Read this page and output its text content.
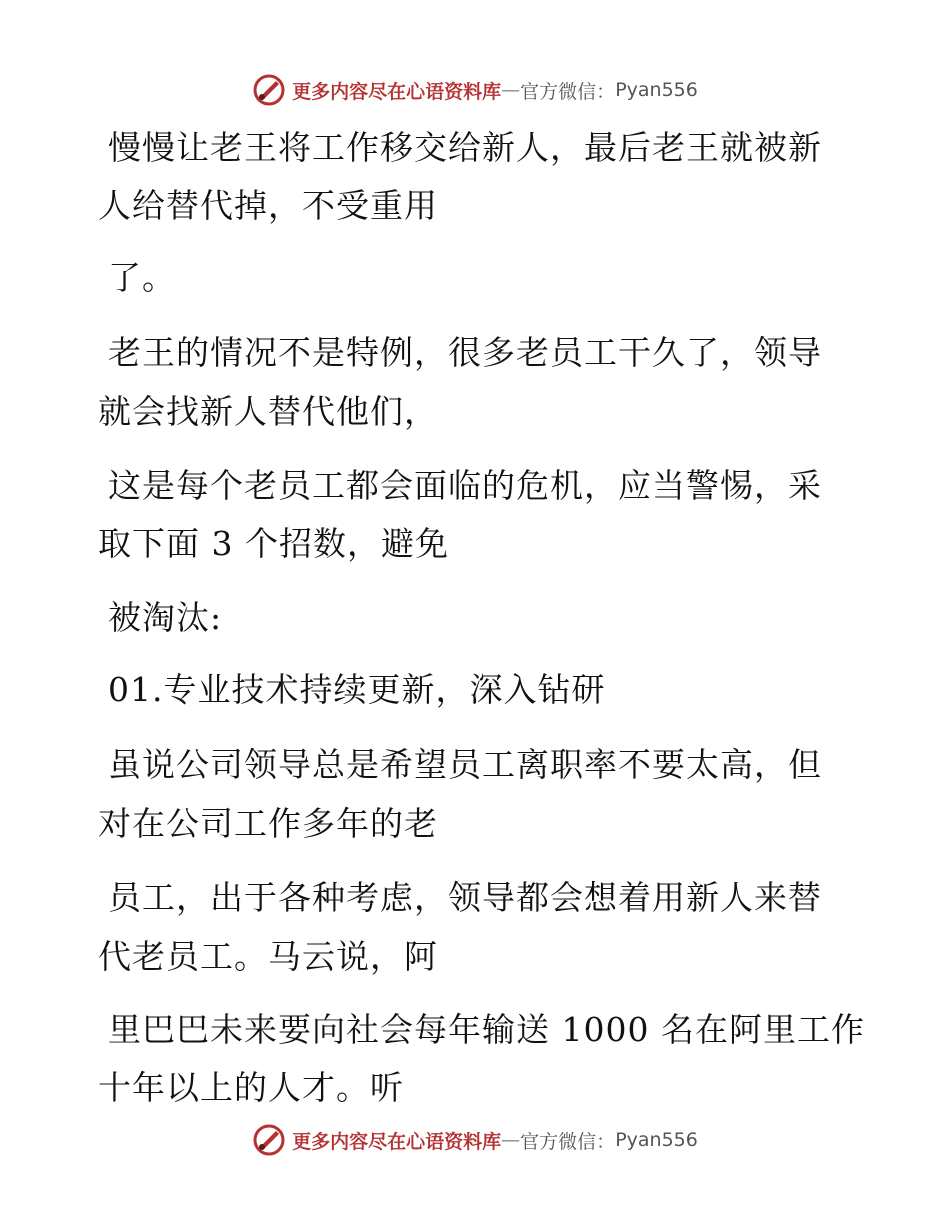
更多内容尽在心语资料库 — 官方微信： Pyan556
慢慢让老王将工作移交给新人，最后老王就被新
人给替代掉，不受重用
了。
老王的情况不是特例，很多老员工干久了，领导
就会找新人替代他们，
这是每个老员工都会面临的危机，应当警惕，采
取下面 3 个招数，避免
被淘汰:
01.专业技术持续更新，深入钻研
虽说公司领导总是希望员工离职率不要太高，但
对在公司工作多年的老
员工，出于各种考虑，领导都会想着用新人来替
代老员工。马云说，阿
里巴巴未来要向社会每年输送 1000 名在阿里工作
十年以上的人才。听
更多内容尽在心语资料库 — 官方微信： Pyan556
